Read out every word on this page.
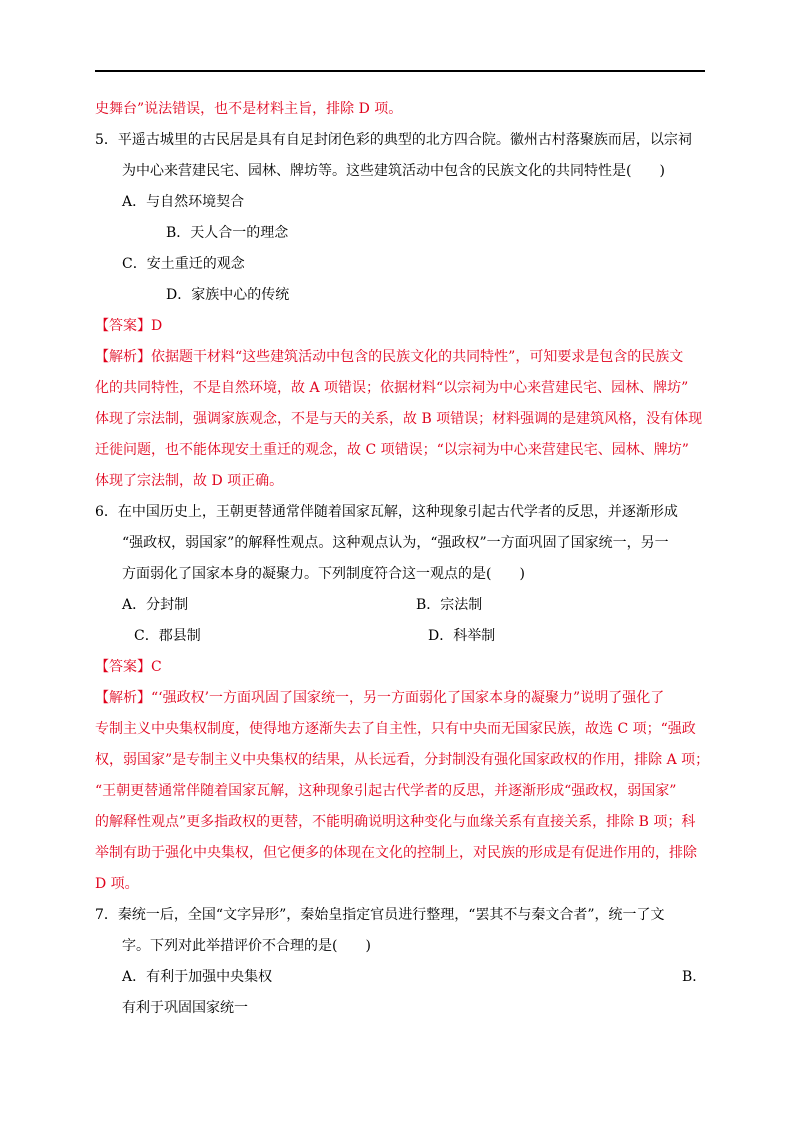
史舞台”说法错误，也不是材料主旨，排除 D 项。
5．平遥古城里的古民居是具有自足封闭色彩的典型的北方四合院。徽州古村落聚族而居，以宗祠
为中心来营建民宅、园林、牌坊等。这些建筑活动中包含的民族文化的共同特性是(　　)
A．与自然环境契合
B．天人合一的理念
C．安土重迁的观念
D．家族中心的传统
【答案】D
【解析】依据题干材料“这些建筑活动中包含的民族文化的共同特性”，可知要求是包含的民族文
化的共同特性，不是自然环境，故 A 项错误；依据材料“以宗祠为中心来营建民宅、园林、牌坊”
体现了宗法制，强调家族观念，不是与天的关系，故 B 项错误；材料强调的是建筑风格，没有体现
迁徙问题，也不能体现安土重迁的观念，故 C 项错误；“以宗祠为中心来营建民宅、园林、牌坊”
体现了宗法制，故 D 项正确。
6．在中国历史上，王朝更替通常伴随着国家瓦解，这种现象引起古代学者的反思，并逐渐形成
“强政权，弱国家”的解释性观点。这种观点认为，“强政权”一方面巩固了国家统一，另一
方面弱化了国家本身的凝聚力。下列制度符合这一观点的是(　　)
A．分封制	B．宗法制
C．郡县制	D．科举制
【答案】C
【解析】“‘强政权’一方面巩固了国家统一，另一方面弱化了国家本身的凝聚力”说明了强化了
专制主义中央集权制度，使得地方逐渐失去了自主性，只有中央而无国家民族，故选 C 项；“强政
权，弱国家”是专制主义中央集权的结果，从长远看，分封制没有强化国家政权的作用，排除 A 项；
“王朝更替通常伴随着国家瓦解，这种现象引起古代学者的反思，并逐渐形成“强政权，弱国家”
的解释性观点”更多指政权的更替，不能明确说明这种变化与血缘关系有直接关系，排除 B 项；科
举制有助于强化中央集权，但它便多的体现在文化的控制上，对民族的形成是有促进作用的，排除
D 项。
7．秦统一后，全国“文字异形”，秦始皇指定官员进行整理，“罢其不与秦文合者”，统一了文
字。下列对此举措评价不合理的是(　　)
A．有利于加强中央集权	B．
有利于巩固国家统一
